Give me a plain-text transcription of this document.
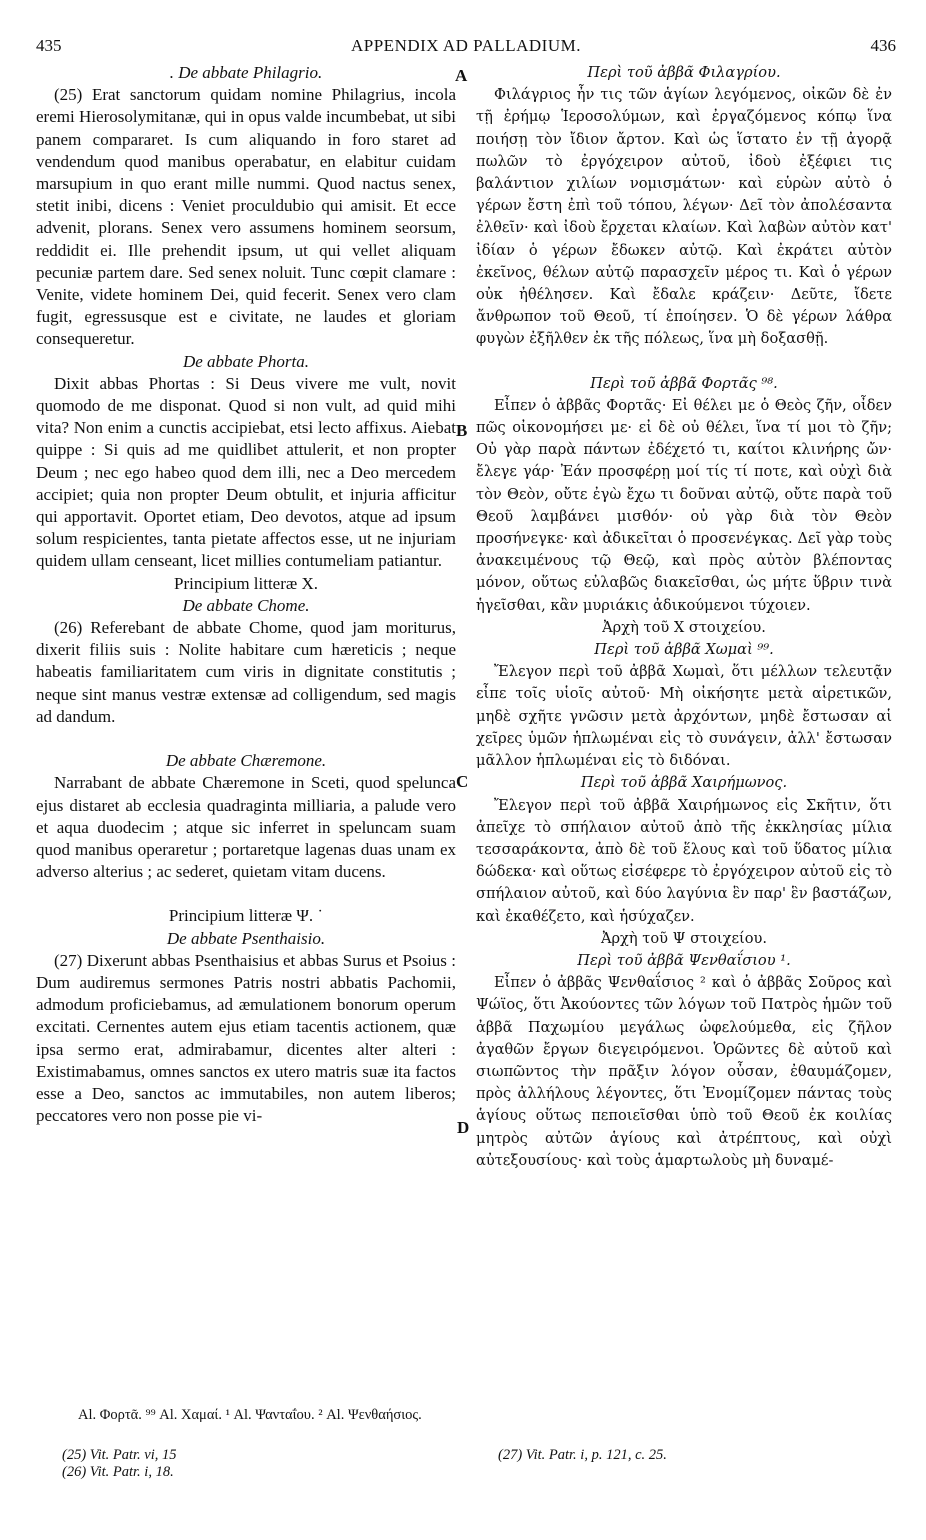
435	APPENDIX AD PALLADIUM.	436
A
B
C
D
. De abbate Philagrio.

(25) Erat sanctorum quidam nomine Philagrius, incola eremi Hierosolymitanæ, qui in opus valde incumbebat, ut sibi panem compararet. Is cum aliquando in foro staret ad vendendum quod manibus operabatur, en elabitur cuidam marsupium in quo erant mille nummi. Quod nactus senex, stetit inibi, dicens : Veniet proculdubio qui amisit. Et ecce advenit, plorans. Senex vero assumens hominem seorsum, reddidit ei. Ille prehendit ipsum, ut qui vellet aliquam pecuniæ partem dare. Sed senex noluit. Tunc cœpit clamare : Venite, videte hominem Dei, quid fecerit. Senex vero clam fugit, egressusque est e civitate, ne laudes et gloriam consequeretur.

De abbate Phorta.

Dixit abbas Phortas : Si Deus vivere me vult, novit quomodo de me disponat. Quod si non vult, ad quid mihi vita? Non enim a cunctis accipiebat, etsi lecto affixus. Aiebat quippe : Si quis ad me quidlibet attulerit, et non propter Deum ; nec ego habeo quod dem illi, nec a Deo mercedem accipiet; quia non propter Deum obtulit, et injuria afficitur qui apportavit. Oportet etiam, Deo devotos, atque ad ipsum solum respicientes, tanta pietate affectos esse, ut ne injuriam quidem ullam censeant, licet millies contumeliam patiantur.

Principium litteræ X.
De abbate Chome.

(26) Referebant de abbate Chome, quod jam moriturus, dixerit filiis suis : Nolite habitare cum hæreticis ; neque habeatis familiaritatem cum viris in dignitate constitutis ; neque sint manus vestræ extensæ ad colligendum, sed magis ad dandum.

De abbate Chæremone.

Narrabant de abbate Chæremone in Sceti, quod spelunca ejus distaret ab ecclesia quadraginta milliaria, a palude vero et aqua duodecim ; atque sic inferret in speluncam suam quod manibus operaretur ; portaretque lagenas duas unam ex adverso alterius ; ac sederet, quietam vitam ducens.

Principium litteræ Ψ. ˙
De abbate Psenthaisio.

(27) Dixerunt abbas Psenthaisius et abbas Surus et Psoius : Dum audiremus sermones Patris nostri abbatis Pachomii, admodum proficiebamus, ad æmulationem bonorum operum excitati. Cernentes autem ejus etiam tacentis actionem, quæ ipsa sermo erat, admirabamur, dicentes alter alteri : Existimabamus, omnes sanctos ex utero matris suæ ita factos esse a Deo, sanctos ac immutabiles, non autem liberos; peccatores vero non posse pie vi-

Περὶ τοῦ ἀββᾶ Φιλαγρίου.

Φιλάγριος ἦν τις τῶν ἁγίων λεγόμενος, οἰκῶν δὲ ἐν τῇ ἐρήμῳ Ἱεροσολύμων, καὶ ἐργαζόμενος κόπῳ ἵνα ποιήσῃ τὸν ἴδιον ἄρτον. Καὶ ὡς ἵστατο ἐν τῇ ἀγορᾷ πωλῶν τὸ ἐργόχειρον αὐτοῦ, ἰδοὺ ἐξέφιει τις βαλάντιον χιλίων νομισμάτων· καὶ εὑρὼν αὐτὸ ὁ γέρων ἔστη ἐπὶ τοῦ τόπου, λέγων· Δεῖ τὸν ἀπολέσαντα ἐλθεῖν· καὶ ἰδοὺ ἔρχεται κλαίων. Καὶ λαβὼν αὐτὸν κατ' ἰδίαν ὁ γέρων ἔδωκεν αὐτῷ. Καὶ ἐκράτει αὐτὸν ἐκεῖνος, θέλων αὐτῷ παρασχεῖν μέρος τι. Καὶ ὁ γέρων οὐκ ἠθέλησεν. Καὶ ἔδαλε κράζειν· Δεῦτε, ἴδετε ἄνθρωπον τοῦ Θεοῦ, τί ἐποίησεν. Ὁ δὲ γέρων λάθρα φυγὼν ἐξῆλθεν ἐκ τῆς πόλεως, ἵνα μὴ δοξασθῇ.

Περὶ τοῦ ἀββᾶ Φορτᾶς ⁹⁸.

Εἶπεν ὁ ἀββᾶς Φορτᾶς· Εἰ θέλει με ὁ Θεὸς ζῆν, οἶδεν πῶς οἰκονομήσει με· εἰ δὲ οὐ θέλει, ἵνα τί μοι τὸ ζῆν; Οὐ γὰρ παρὰ πάντων ἐδέχετό τι, καίτοι κλινήρης ὤν· ἔλεγε γάρ· Ἐάν προσφέρῃ μοί τίς τί ποτε, καὶ οὐχὶ διὰ τὸν Θεὸν, οὔτε ἐγὼ ἔχω τι δοῦναι αὐτῷ, οὔτε παρὰ τοῦ Θεοῦ λαμβάνει μισθόν· οὐ γὰρ διὰ τὸν Θεὸν προσήνεγκε· καὶ ἀδικεῖται ὁ προσενέγκας. Δεῖ γὰρ τοὺς ἀνακειμένους τῷ Θεῷ, καὶ πρὸς αὐτὸν βλέποντας μόνον, οὕτως εὐλαβῶς διακεῖσθαι, ὡς μήτε ὕβριν τινὰ ἡγεῖσθαι, κἂν μυριάκις ἀδικούμενοι τύχοιεν.

Ἀρχὴ τοῦ Χ στοιχείου.
Περὶ τοῦ ἀββᾶ Χωμαὶ ⁹⁹.

Ἔλεγον περὶ τοῦ ἀββᾶ Χωμαὶ, ὅτι μέλλων τελευτᾷν εἶπε τοῖς υἱοῖς αὐτοῦ· Μὴ οἰκήσητε μετὰ αἱρετικῶν, μηδὲ σχῆτε γνῶσιν μετὰ ἀρχόντων, μηδὲ ἔστωσαν αἱ χεῖρες ὑμῶν ἡπλωμέναι εἰς τὸ συνάγειν, ἀλλ' ἔστωσαν μᾶλλον ἡπλωμέναι εἰς τὸ διδόναι.

Περὶ τοῦ ἀββᾶ Χαιρήμωνος.

Ἔλεγον περὶ τοῦ ἀββᾶ Χαιρήμωνος εἰς Σκῆτιν, ὅτι ἀπεῖχε τὸ σπήλαιον αὐτοῦ ἀπὸ τῆς ἐκκλησίας μίλια τεσσαράκοντα, ἀπὸ δὲ τοῦ ἕλους καὶ τοῦ ὕδατος μίλια δώδεκα· καὶ οὕτως εἰσέφερε τὸ ἐργόχειρον αὐτοῦ εἰς τὸ σπήλαιον αὐτοῦ, καὶ δύο λαγύνια ἓν παρ' ἓν βαστάζων, καὶ ἐκαθέζετο, καὶ ἡσύχαζεν.

Ἀρχὴ τοῦ Ψ στοιχείου.
Περὶ τοῦ ἀββᾶ Ψενθαΐσιου ¹.

Εἶπεν ὁ ἀββᾶς Ψενθαΐσιος ² καὶ ὁ ἀββᾶς Σοῦρος καὶ Ψώϊος, ὅτι Ἀκούοντες τῶν λόγων τοῦ Πατρὸς ἡμῶν τοῦ ἀββᾶ Παχωμίου μεγάλως ὠφελούμεθα, εἰς ζῆλον ἀγαθῶν ἔργων διεγειρόμενοι. Ὁρῶντες δὲ αὐτοῦ καὶ σιωπῶντος τὴν πρᾶξιν λόγον οὖσαν, ἐθαυμάζομεν, πρὸς ἀλλήλους λέγοντες, ὅτι Ἐνομίζομεν πάντας τοὺς ἁγίους οὕτως πεποιεῖσθαι ὑπὸ τοῦ Θεοῦ ἐκ κοιλίας μητρὸς αὐτῶν ἁγίους καὶ ἀτρέπτους, καὶ οὐχὶ αὐτεξουσίους· καὶ τοὺς ἁμαρτωλοὺς μὴ δυναμέ-

Al. Φορτᾶ. ⁹⁹ Al. Χαμαί. ¹ Al. Ψανταΐου. ² Al. Ψενθαήσιος.
(25) Vit. Patr. vi, 15
(26) Vit. Patr. i, 18.
(27) Vit. Patr. i, p. 121, c. 25.
